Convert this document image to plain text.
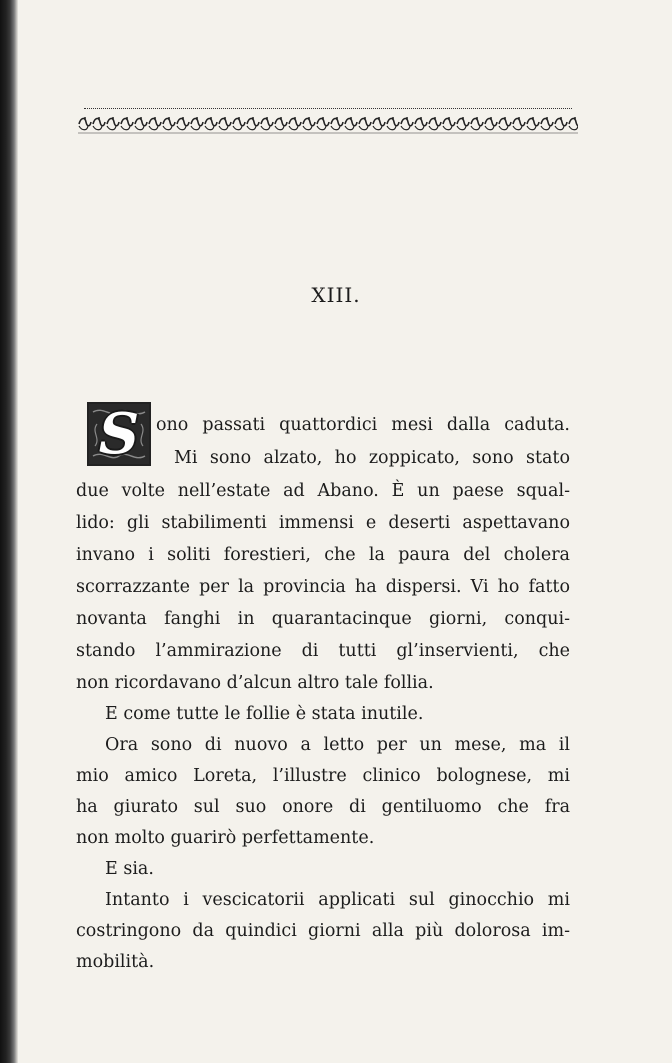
XIII.
S ono passati quattordici mesi dalla caduta.
Mi sono alzato, ho zoppicato, sono stato
due volte nell’estate ad Abano. È un paese squal-
lido: gli stabilimenti immensi e deserti aspettavano
invano i soliti forestieri, che la paura del cholera
scorrazzante per la provincia ha dispersi. Vi ho fatto
novanta fanghi in quarantacinque giorni, conqui-
stando l’ammirazione di tutti gl’inservienti, che
non ricordavano d’alcun altro tale follia.
E come tutte le follie è stata inutile.
Ora sono di nuovo a letto per un mese, ma il
mio amico Loreta, l’illustre clinico bolognese, mi
ha giurato sul suo onore di gentiluomo che fra
non molto guarirò perfettamente.
E sia.
Intanto i vescicatorii applicati sul ginocchio mi
costringono da quindici giorni alla più dolorosa im-
mobilità.
